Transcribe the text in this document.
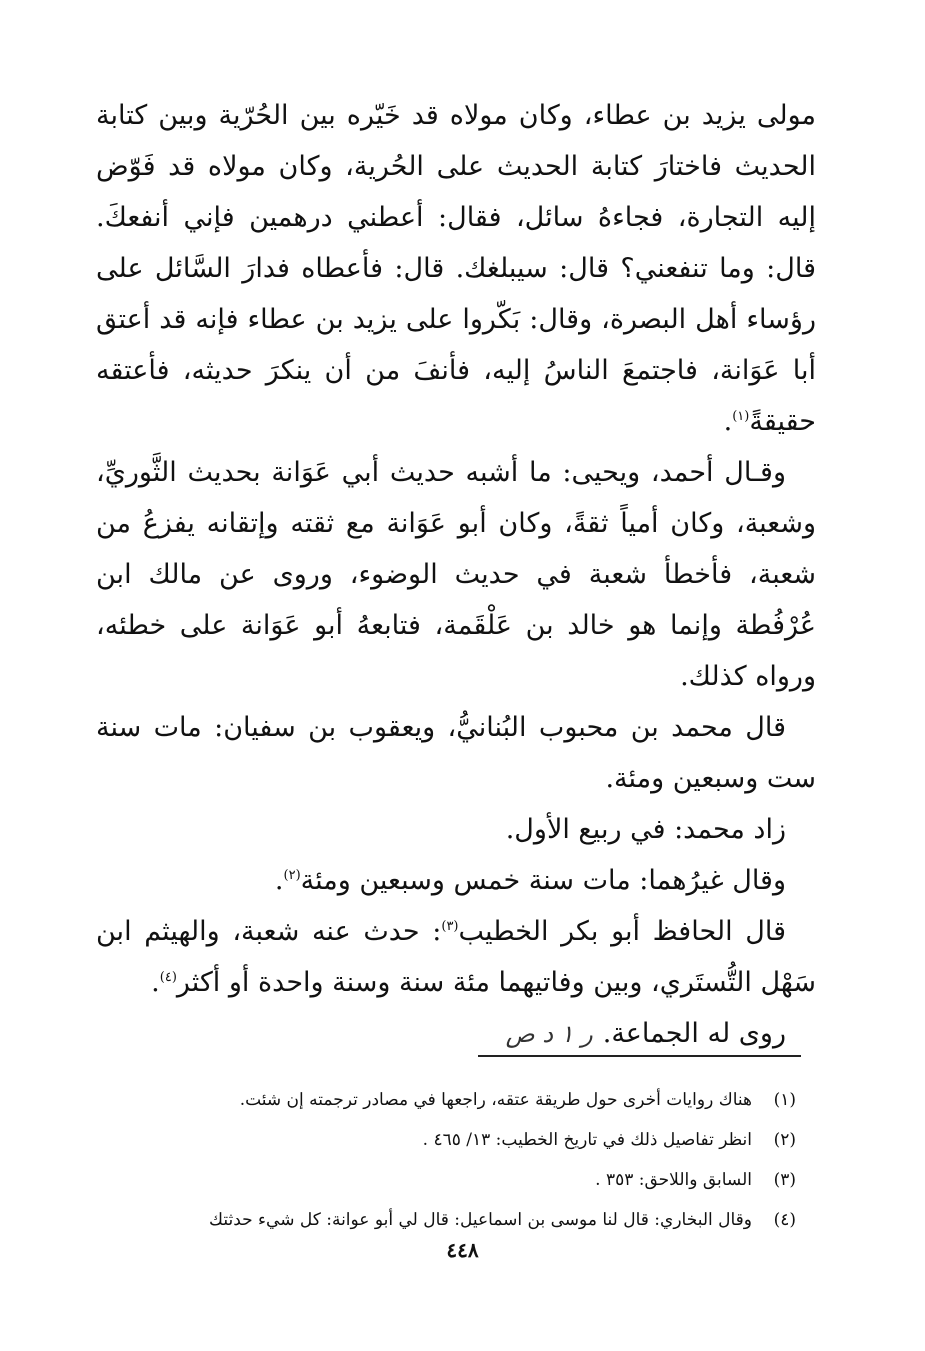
مولى يزيد بن عطاء، وكان مولاه قد خَيّره بين الحُرّية وبين كتابة الحديث فاختارَ كتابة الحديث على الحُرية، وكان مولاه قد فَوّض إليه التجارة، فجاءهُ سائل، فقال: أعطني درهمين فإني أنفعكَ. قال: وما تنفعني؟ قال: سيبلغك. قال: فأعطاه فدارَ السَّائل على رؤساء أهل البصرة، وقال: بَكّروا على يزيد بن عطاء فإنه قد أعتق أبا عَوَانة، فاجتمعَ الناسُ إليه، فأنفَ من أن ينكرَ حديثه، فأعتقه حقيقةً$^{(١)}$.

وقـال أحمد، ويحيى: ما أشبه حديث أبي عَوَانة بحديث الثَّوريِّ، وشعبة، وكان أمياً ثقةً، وكان أبو عَوَانة مع ثقته وإتقانه يفزعُ من شعبة، فأخطأ شعبة في حديث الوضوء، وروى عن مالك ابن عُرْفُطة وإنما هو خالد بن عَلْقَمة، فتابعهُ أبو عَوَانة على خطئه، ورواه كذلك.

قال محمد بن محبوب البُنانيُّ، ويعقوب بن سفيان: مات سنة ست وسبعين ومئة.

زاد محمد: في ربيع الأول.

وقال غيرُهما: مات سنة خمس وسبعين ومئة$^{(٢)}$.

قال الحافظ أبو بكر الخطيب$^{(٣)}$: حدث عنه شعبة، والهيثم ابن سَهْل التُّستَري، وبين وفاتيهما مئة سنة وسنة واحدة أو أكثر$^{(٤)}$.

روى له الجماعة.ر ۱ د ص

(١)
هناك روايات أخرى حول طريقة عتقه، راجعها في مصادر ترجمته إن شئت.
(٢)
انظر تفاصيل ذلك في تاريخ الخطيب: ١٣/ ٤٦٥ .
(٣)
السابق واللاحق: ٣٥٣ .
(٤)
وقال البخاري: قال لنا موسى بن اسماعيل: قال لي أبو عوانة: كل شيء حدثتك
٤٤٨
